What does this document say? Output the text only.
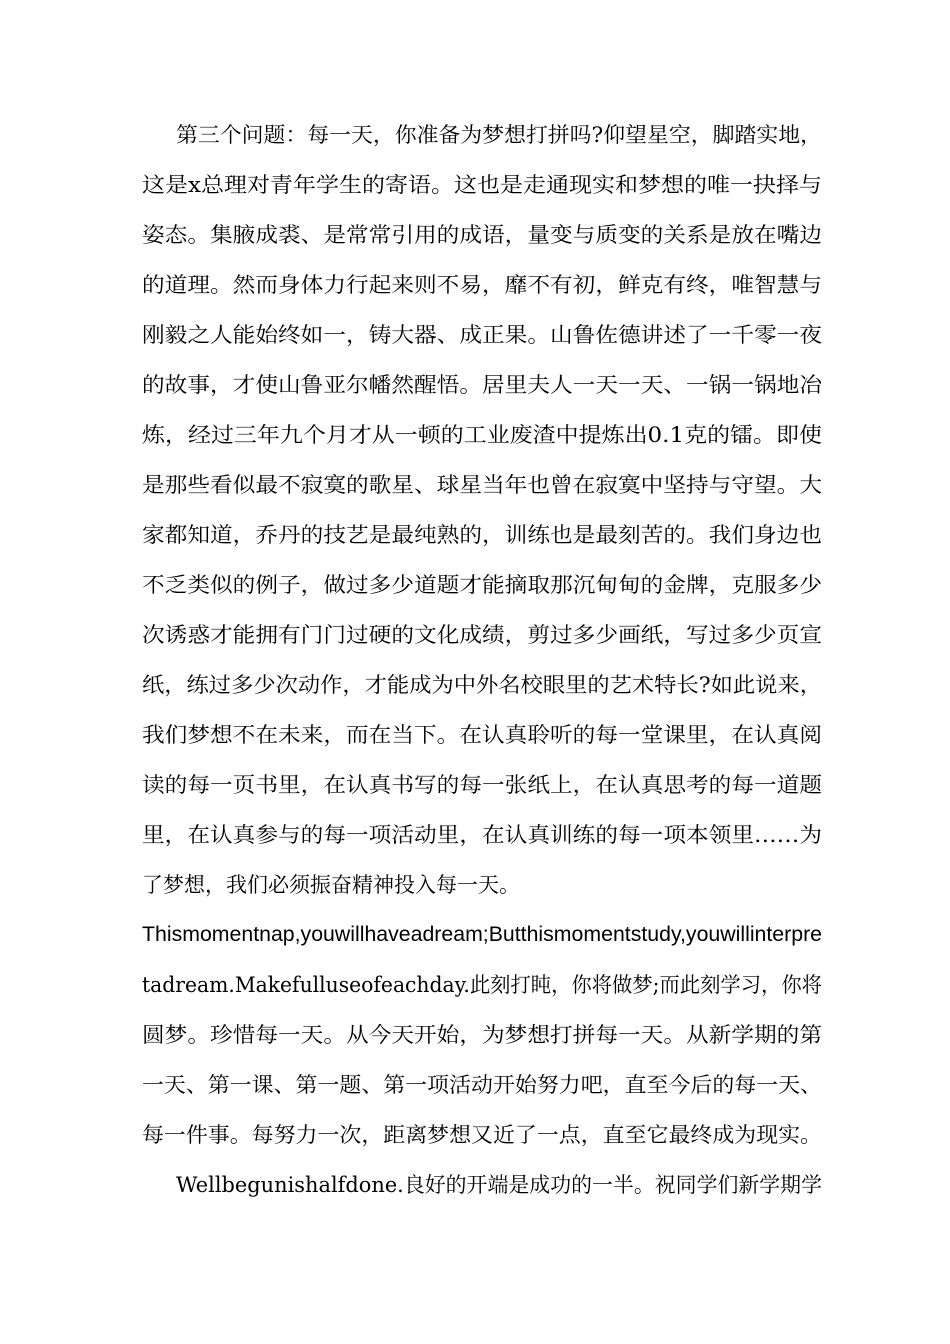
第三个问题：每一天，你准备为梦想打拼吗?仰望星空，脚踏实地，
这是x总理对青年学生的寄语。这也是走通现实和梦想的唯一抉择与
姿态。集腋成裘、是常常引用的成语，量变与质变的关系是放在嘴边
的道理。然而身体力行起来则不易，靡不有初，鲜克有终，唯智慧与
刚毅之人能始终如一，铸大器、成正果。山鲁佐德讲述了一千零一夜
的故事，才使山鲁亚尔幡然醒悟。居里夫人一天一天、一锅一锅地冶
炼，经过三年九个月才从一顿的工业废渣中提炼出0.1克的镭。即使
是那些看似最不寂寞的歌星、球星当年也曾在寂寞中坚持与守望。大
家都知道，乔丹的技艺是最纯熟的，训练也是最刻苦的。我们身边也
不乏类似的例子，做过多少道题才能摘取那沉甸甸的金牌，克服多少
次诱惑才能拥有门门过硬的文化成绩，剪过多少画纸，写过多少页宣
纸，练过多少次动作，才能成为中外名校眼里的艺术特长?如此说来，
我们梦想不在未来，而在当下。在认真聆听的每一堂课里，在认真阅
读的每一页书里，在认真书写的每一张纸上，在认真思考的每一道题
里，在认真参与的每一项活动里，在认真训练的每一项本领里……为
了梦想，我们必须振奋精神投入每一天。
Thismomentnap,youwillhaveadream;Butthismomentstudy,youwillinterpre
tadream.Makefulluseofeachday.此刻打盹，你将做梦;而此刻学习，你将
圆梦。珍惜每一天。从今天开始，为梦想打拼每一天。从新学期的第
一天、第一课、第一题、第一项活动开始努力吧，直至今后的每一天、
每一件事。每努力一次，距离梦想又近了一点，直至它最终成为现实。
Wellbegunishalfdone.良好的开端是成功的一半。祝同学们新学期学
